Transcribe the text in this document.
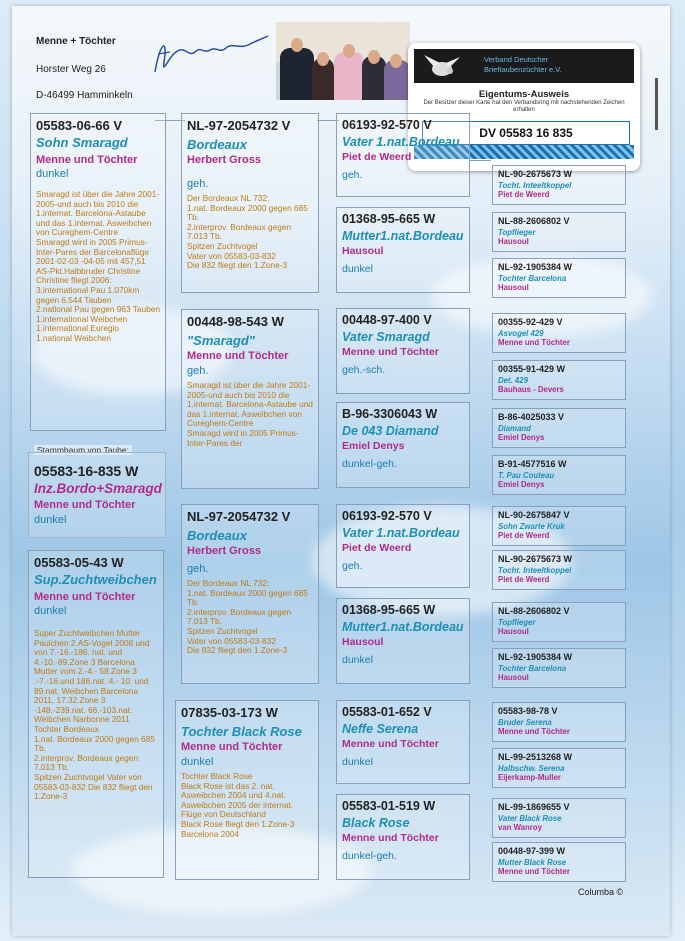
Menne + Töchter
Horster Weg 26
D-46499 Hamminkeln
Verband Deutscher
Brieftaubenzüchter e.V.
Eigentums-Ausweis
Der Besitzer dieser Karte hat den Verbandsring mit nachstehenden Zeichen erhalten
DV 05583 16 835
05583-06-66 V
Sohn Smaragd
Menne und Töchter
dunkel
Smaragd ist über die Jahre 2001- 2005-und auch bis 2010 die 1.internat. Barcelona-Astaube und das 1.internat. Asweibchen von Cureghem-Centre
Smaragd wird in 2005 Primus-Inter-Pares der Barcelonaflüge 2001-02-03 -04-05 mit 457,51 AS-Pkt.Halbbruder Christine Christine fliegt 2006:
3.international Pau 1.070km gegen 6.544 Tauben
2.national Pau gegen 963 Tauben
1.international Weibchen
1.international Euregio
1.national Weibchen
Stammbaum von Taube:
05583-16-835 W
Inz.Bordo+Smaragd
Menne und Töchter
dunkel
05583-05-43 W
Sup.Zuchtweibchen
Menne und Töchter
dunkel
Super Zuchtweibchen Mutter Paulchen 2.AS-Vogel 2008 und von 7.-16.-186. nat. und 4.-10.-89.Zone 3 Barcelona
Mutter vom 2.-4.- 58.Zone 3 .-7.-16.und 186.nat. 4.- 10. und 89.nat. Weibchen Barcelona 2011, 17.32.Zone 3 -148.-239.nat. 66.-103.nat. Weibchen Narbonne 2011
Tochter Bordeaux
1.nat. Bordeaux 2000 gegen 685 Tb.
2.interprov. Bordeaux gegen 7.013 Tb.
Spitzen Zuchtvogel Vater von 05583-03-832 Die 832 fliegt den 1.Zone-3
NL-97-2054732 V
Bordeaux
Herbert Gross
geh.
Der Bordeaux NL 732:
1.nat. Bordeaux 2000 gegen 685 Tb.
2.interprov. Bordeaux gegen 7.013 Tb.
Spitzen Zuchtvogel
Vater von 05583-03-832
Die 832 fliegt den 1.Zone-3
00448-98-543 W
"Smaragd"
Menne und Töchter
geh.
Smaragd ist über die Jahre 2001- 2005-und auch bis 2010 die 1.internat. Barcelona-Astaube und das 1.internat. Asweibchen von Cureghem-Centre
Smaragd wird in 2005 Primus-Inter-Pares der
NL-97-2054732 V
Bordeaux
Herbert Gross
geh.
Der Bordeaux NL 732:
1.nat. Bordeaux 2000 gegen 685 Tb.
2.interprov. Bordeaux gegen 7.013 Tb.
Spitzen Zuchtvogel
Vater von 05583-03-832
Die 832 fliegt den 1.Zone-3
07835-03-173 W
Tochter Black Rose
Menne und Töchter
dunkel
Tochter Black Rose
Black Rose ist das 2. nat. Asweibchen 2004 und 4.nat. Asweibchen 2005 der internat. Flüge von Deutschland
Black Rose fliegt den 1.Zone-3 Barcelona 2004
06193-92-570 V
Vater 1.nat.Bordeau
Piet de Weerd
geh.
01368-95-665 W
Mutter1.nat.Bordeau
Hausoul
dunkel
00448-97-400 V
Vater Smaragd
Menne und Töchter
geh.-sch.
B-96-3306043 W
De 043 Diamand
Emiel Denys
dunkel-geh.
06193-92-570 V
Vater 1.nat.Bordeau
Piet de Weerd
geh.
01368-95-665 W
Mutter1.nat.Bordeau
Hausoul
dunkel
05583-01-652 V
Neffe Serena
Menne und Töchter
dunkel
05583-01-519 W
Black Rose
Menne und Töchter
dunkel-geh.
NL-90-2675673 W
Tocht. Inteeltkoppel
Piet de Weerd
NL-88-2606802 V
Topflieger
Hausoul
NL-92-1905384 W
Tochter Barcelona
Hausoul
00355-92-429 V
Asvogel 429
Menne und Töchter
00355-91-429 W
Det. 429
Bauhaus - Devers
B-86-4025033 V
Diamand
Emiel Denys
B-91-4577516 W
T. Pau Couteau
Emiel Denys
NL-90-2675847 V
Sohn Zwarte Kruk
Piet de Weerd
NL-90-2675673 W
Tocht. Inteeltkoppel
Piet de Weerd
NL-88-2606802 V
Topflieger
Hausoul
NL-92-1905384 W
Tochter Barcelona
Hausoul
05583-98-78 V
Bruder Serena
Menne und Töchter
NL-99-2513268 W
Halbschw. Serena
Eijerkamp-Muller
NL-99-1869655 V
Vater Black Rose
van Wanroy
00448-97-399 W
Mutter Black Rose
Menne und Töchter
Columba ©
